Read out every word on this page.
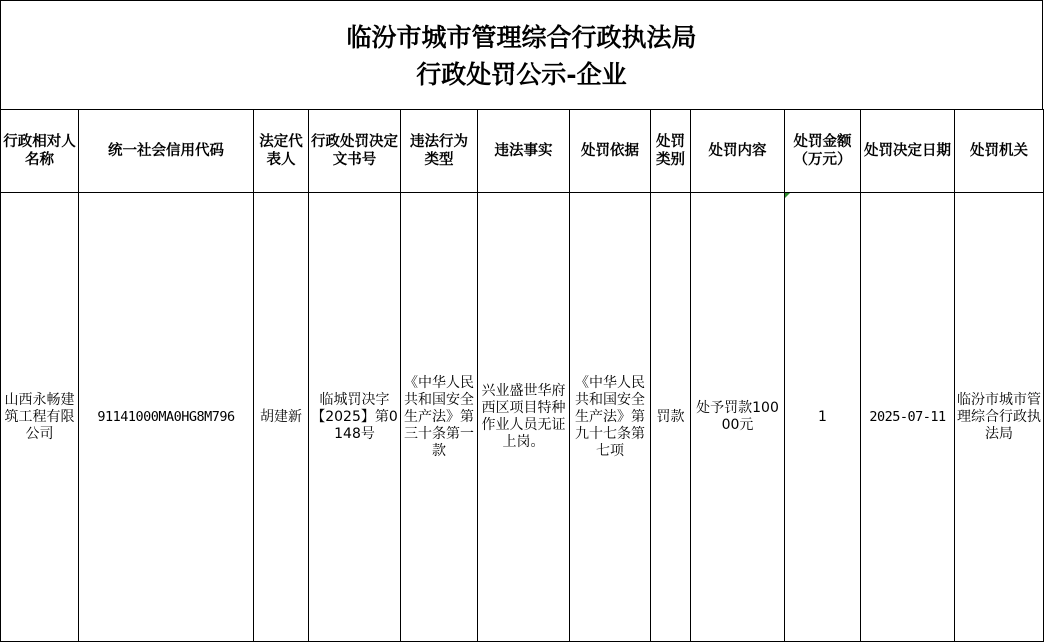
临汾市城市管理综合行政执法局
行政处罚公示-企业
行政相对人名称	统一社会信用代码	法定代表人	行政处罚决定文书号	违法行为类型	违法事实	处罚依据	处罚类别	处罚内容	处罚金额（万元）	处罚决定日期	处罚机关
山西永畅建筑工程有限公司	91141000MA0HG8M796	胡建新	临城罚决字【2025】第0148号	《中华人民共和国安全生产法》第三十条第一款	兴业盛世华府西区项目特种作业人员无证上岗。	《中华人民共和国安全生产法》第九十七条第七项	罚款	处予罚款10000元	1	2025-07-11	临汾市城市管理综合行政执法局
